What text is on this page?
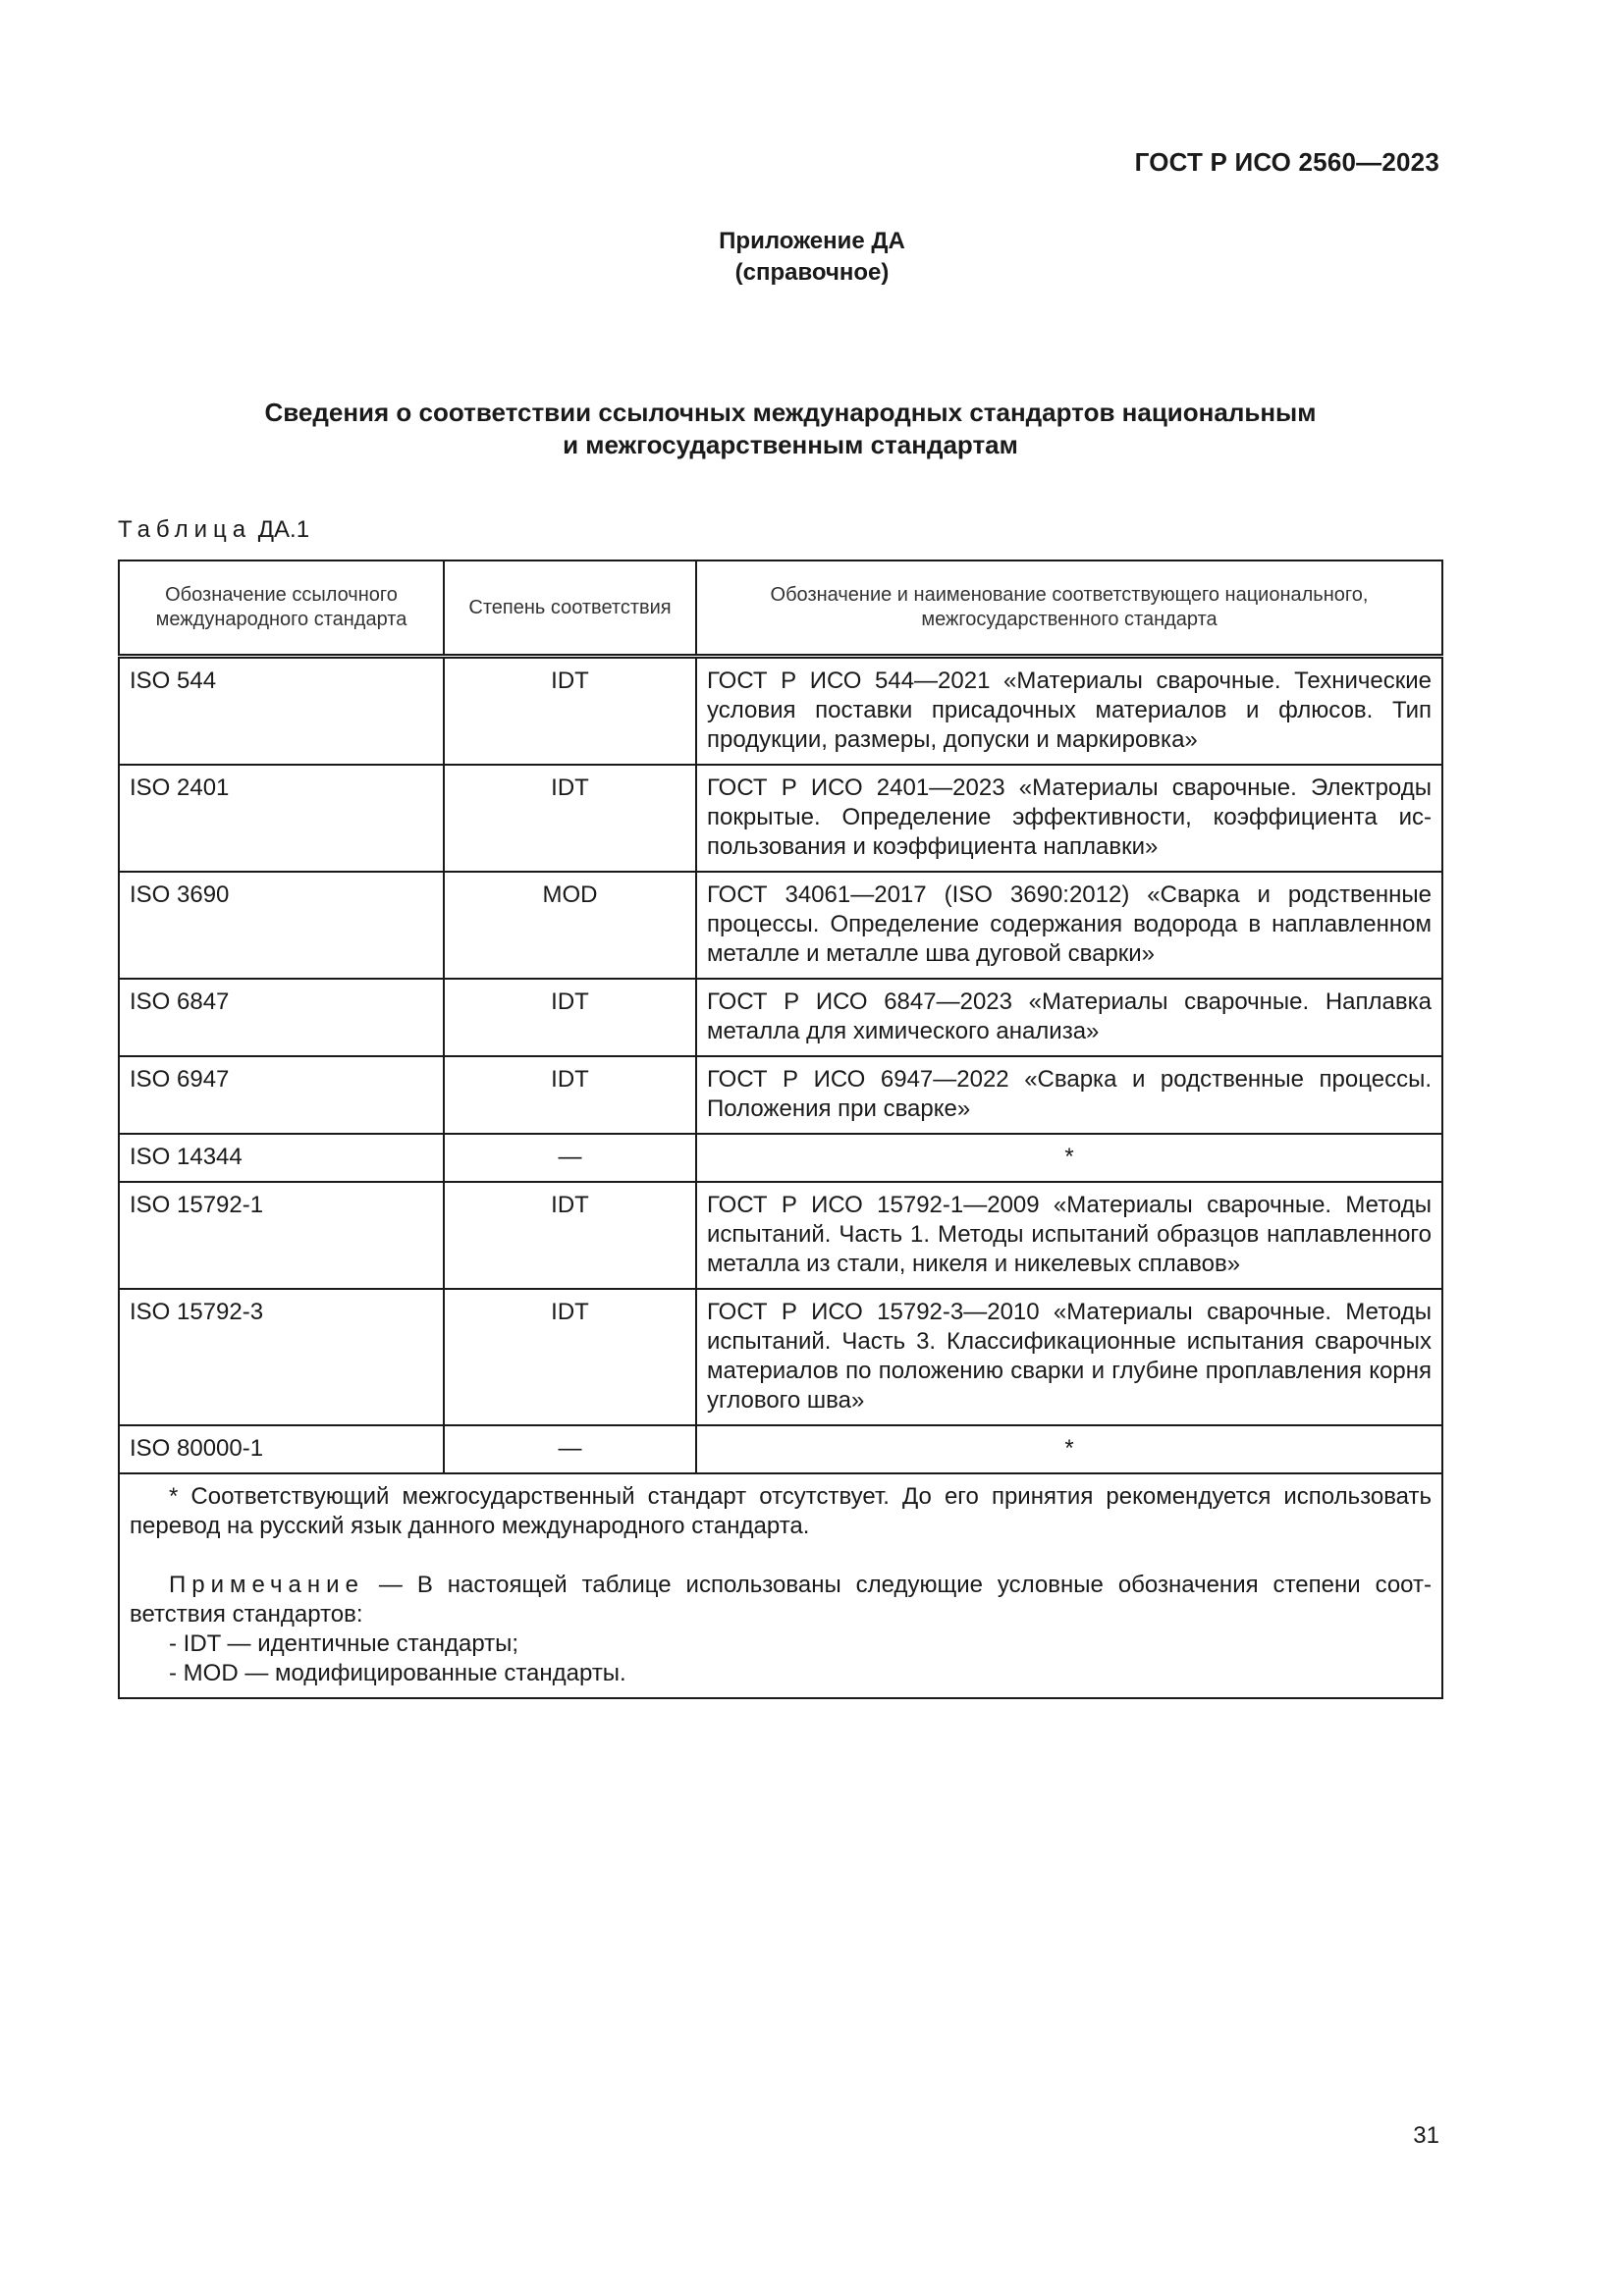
ГОСТ Р ИСО 2560—2023
Приложение ДА
(справочное)
Сведения о соответствии ссылочных международных стандартов национальным
и межгосударственным стандартам
Таблица ДА.1
Обозначение ссылочного международного стандарта	Степень соответствия	Обозначение и наименование соответствующего национального, межгосударственного стандарта
ISO 544	IDT	ГОСТ Р ИСО 544—2021 «Материалы сварочные. Технические условия поставки присадочных материалов и флюсов. Тип продукции, размеры, допуски и маркировка»
ISO 2401	IDT	ГОСТ Р ИСО 2401—2023 «Материалы сварочные. Электроды покрытые. Определение эффективности, коэффициента использования и коэффициента наплавки»
ISO 3690	MOD	ГОСТ 34061—2017 (ISO 3690:2012) «Сварка и родственные процессы. Определение содержания водорода в наплавленном металле и металле шва дуговой сварки»
ISO 6847	IDT	ГОСТ Р ИСО 6847—2023 «Материалы сварочные. Наплавка металла для химического анализа»
ISO 6947	IDT	ГОСТ Р ИСО 6947—2022 «Сварка и родственные процессы. Положения при сварке»
ISO 14344	—	*
ISO 15792-1	IDT	ГОСТ Р ИСО 15792-1—2009 «Материалы сварочные. Методы испытаний. Часть 1. Методы испытаний образцов наплавленного металла из стали, никеля и никелевых сплавов»
ISO 15792-3	IDT	ГОСТ Р ИСО 15792-3—2010 «Материалы сварочные. Методы испытаний. Часть 3. Классификационные испытания сварочных материалов по положению сварки и глубине проплавления корня углового шва»
ISO 80000-1	—	*

* Соответствующий межгосударственный стандарт отсутствует. До его принятия рекомендуется использовать перевод на русский язык данного международного стандарта.

Примечание — В настоящей таблице использованы следующие условные обозначения степени соответствия стандартов:

- IDT — идентичные стандарты;

- MOD — модифицированные стандарты.		

31
